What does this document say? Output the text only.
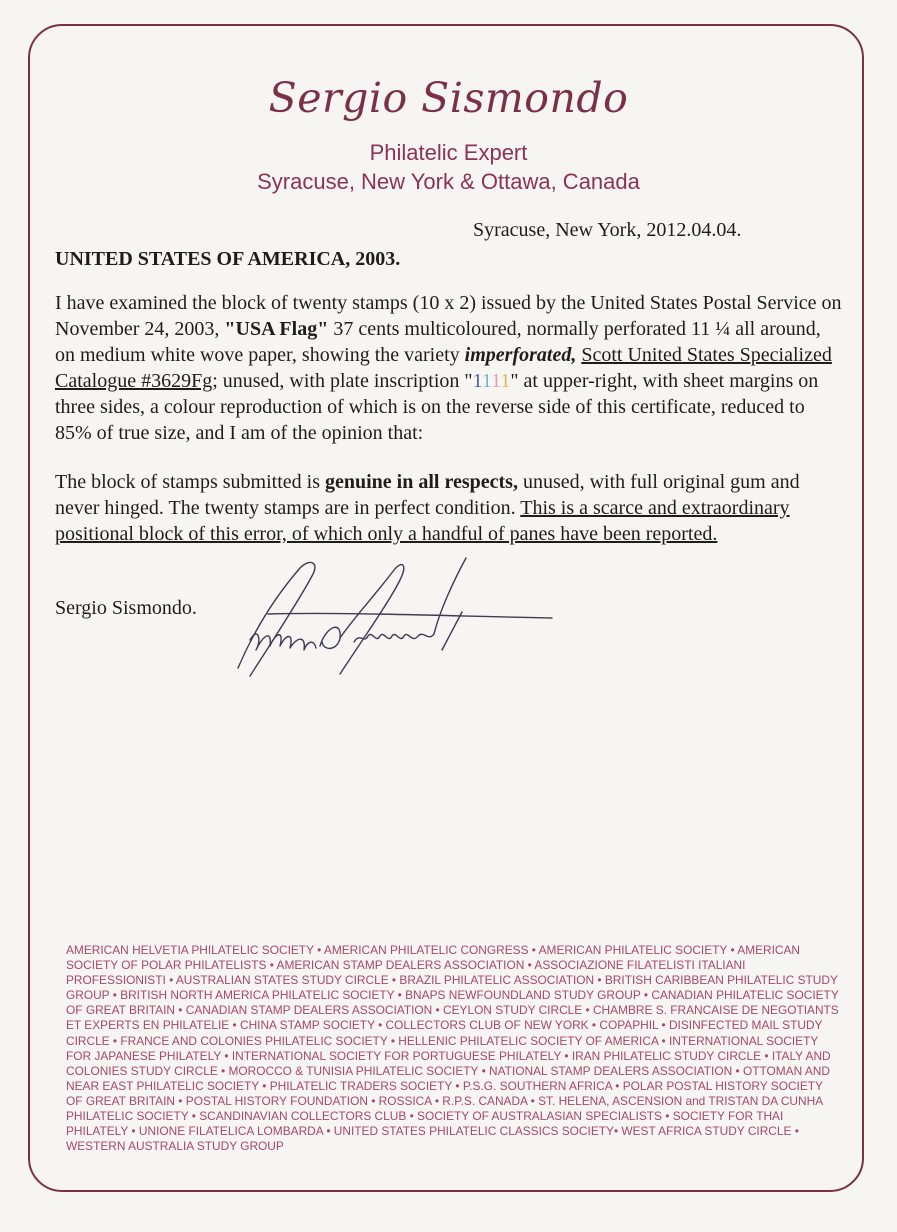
Sergio Sismondo
Philatelic Expert
Syracuse, New York & Ottawa, Canada
Syracuse, New York, 2012.04.04.
UNITED STATES OF AMERICA, 2003.

I have examined the block of twenty stamps (10 x 2) issued by the United States Postal Service on November 24, 2003, "USA Flag" 37 cents multicoloured, normally perforated 11 ¼ all around, on medium white wove paper, showing the variety imperforated, Scott United States Specialized Catalogue #3629Fg; unused, with plate inscription "1111" at upper-right, with sheet margins on three sides, a colour reproduction of which is on the reverse side of this certificate, reduced to 85% of true size, and I am of the opinion that:

The block of stamps submitted is genuine in all respects, unused, with full original gum and never hinged. The twenty stamps are in perfect condition. This is a scarce and extraordinary positional block of this error, of which only a handful of panes have been reported.

Sergio Sismondo.

AMERICAN HELVETIA PHILATELIC SOCIETY • AMERICAN PHILATELIC CONGRESS • AMERICAN PHILATELIC SOCIETY • AMERICAN SOCIETY OF POLAR PHILATELISTS • AMERICAN STAMP DEALERS ASSOCIATION • ASSOCIAZIONE FILATELISTI ITALIANI PROFESSIONISTI • AUSTRALIAN STATES STUDY CIRCLE • BRAZIL PHILATELIC ASSOCIATION • BRITISH CARIBBEAN PHILATELIC STUDY GROUP • BRITISH NORTH AMERICA PHILATELIC SOCIETY • BNAPS NEWFOUNDLAND STUDY GROUP • CANADIAN PHILATELIC SOCIETY OF GREAT BRITAIN • CANADIAN STAMP DEALERS ASSOCIATION • CEYLON STUDY CIRCLE • CHAMBRE S. FRANCAISE DE NEGOTIANTS ET EXPERTS EN PHILATELIE • CHINA STAMP SOCIETY • COLLECTORS CLUB OF NEW YORK • COPAPHIL • DISINFECTED MAIL STUDY CIRCLE • FRANCE AND COLONIES PHILATELIC SOCIETY • HELLENIC PHILATELIC SOCIETY OF AMERICA • INTERNATIONAL SOCIETY FOR JAPANESE PHILATELY • INTERNATIONAL SOCIETY FOR PORTUGUESE PHILATELY • IRAN PHILATELIC STUDY CIRCLE • ITALY AND COLONIES STUDY CIRCLE • MOROCCO & TUNISIA PHILATELIC SOCIETY • NATIONAL STAMP DEALERS ASSOCIATION • OTTOMAN AND NEAR EAST PHILATELIC SOCIETY • PHILATELIC TRADERS SOCIETY • P.S.G. SOUTHERN AFRICA • POLAR POSTAL HISTORY SOCIETY OF GREAT BRITAIN • POSTAL HISTORY FOUNDATION • ROSSICA • R.P.S. CANADA • ST. HELENA, ASCENSION and TRISTAN DA CUNHA PHILATELIC SOCIETY • SCANDINAVIAN COLLECTORS CLUB • SOCIETY OF AUSTRALASIAN SPECIALISTS • SOCIETY FOR THAI PHILATELY • UNIONE FILATELICA LOMBARDA • UNITED STATES PHILATELIC CLASSICS SOCIETY• WEST AFRICA STUDY CIRCLE • WESTERN AUSTRALIA STUDY GROUP
